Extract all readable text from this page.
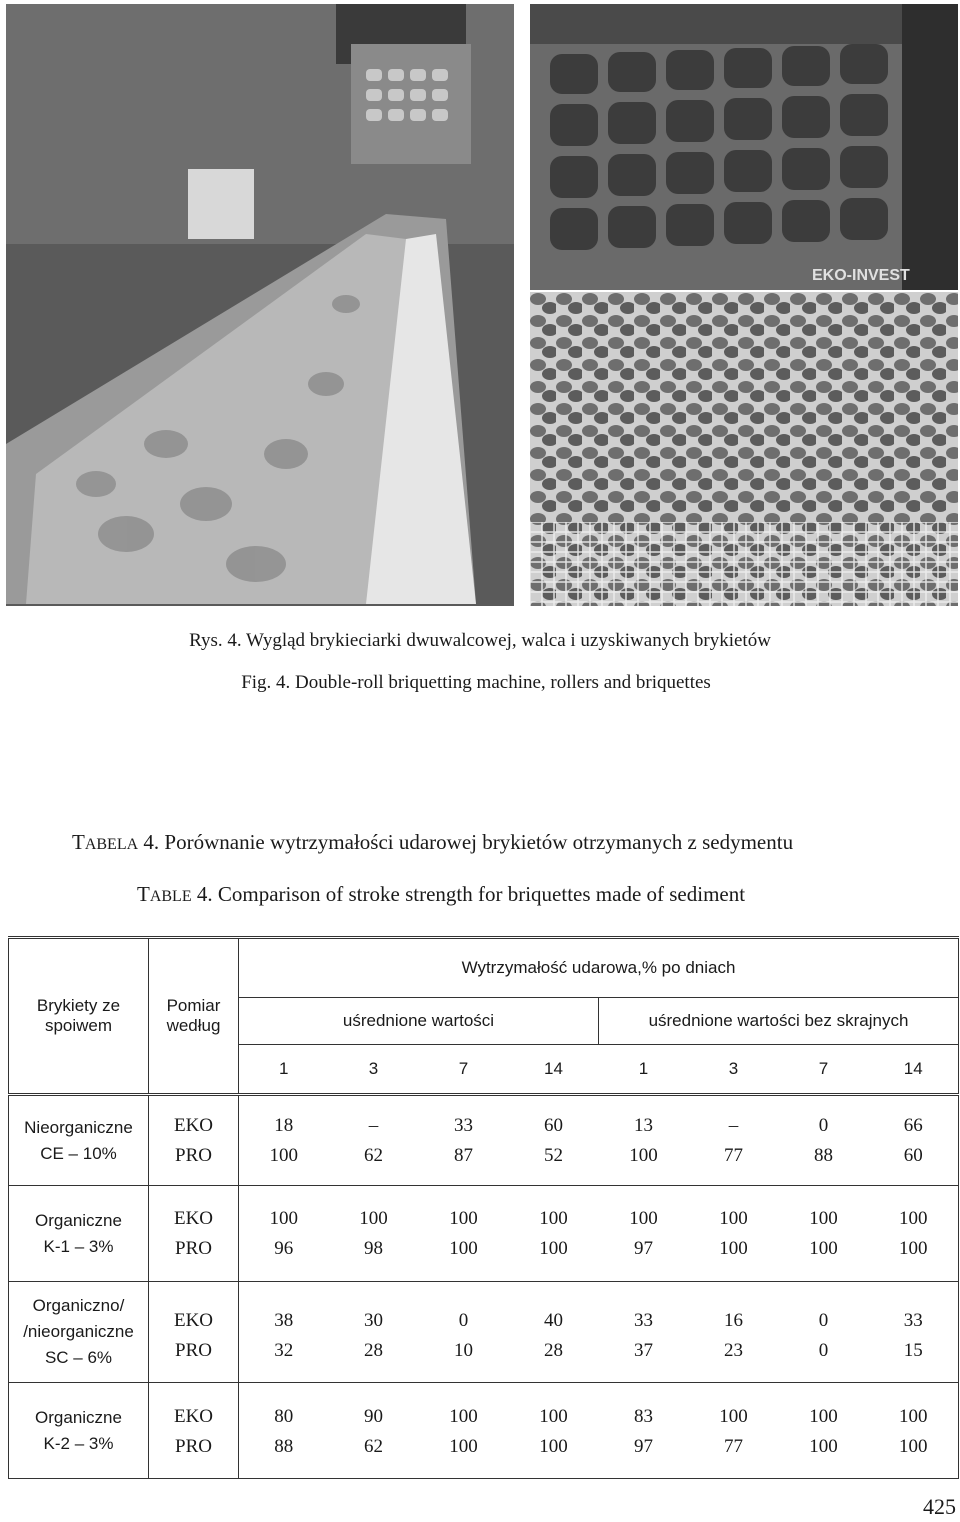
EKO-INVEST
Rys. 4. Wygląd brykieciarki dwuwalcowej, walca i uzyskiwanych brykietów
Fig. 4. Double-roll briquetting machine, rollers and briquettes
TABELA 4. Porównanie wytrzymałości udarowej brykietów otrzymanych z sedymentu
TABLE 4. Comparison of stroke strength for briquettes made of sediment
Brykiety ze spoiwem	Pomiar według	Wytrzymałość udarowa,% po dniach							
		uśrednione wartości				uśrednione wartości bez skrajnych			
		1	3	7	14	1	3	7	14

Nieorganiczne
CE – 10%	EKO	18	–	33	60	13	–	0	66
	PRO	100	62	87	52	100	77	88	60

Organiczne
K-1 – 3%	EKO	100	100	100	100	100	100	100	100
	PRO	96	98	100	100	97	100	100	100

Organiczno/
/nieorganiczne
SC – 6%	EKO	38	30	0	40	33	16	0	33
	PRO	32	28	10	28	37	23	0	15

Organiczne
K-2 – 3%	EKO	80	90	100	100	83	100	100	100
	PRO	88	62	100	100	97	77	100	100
425
